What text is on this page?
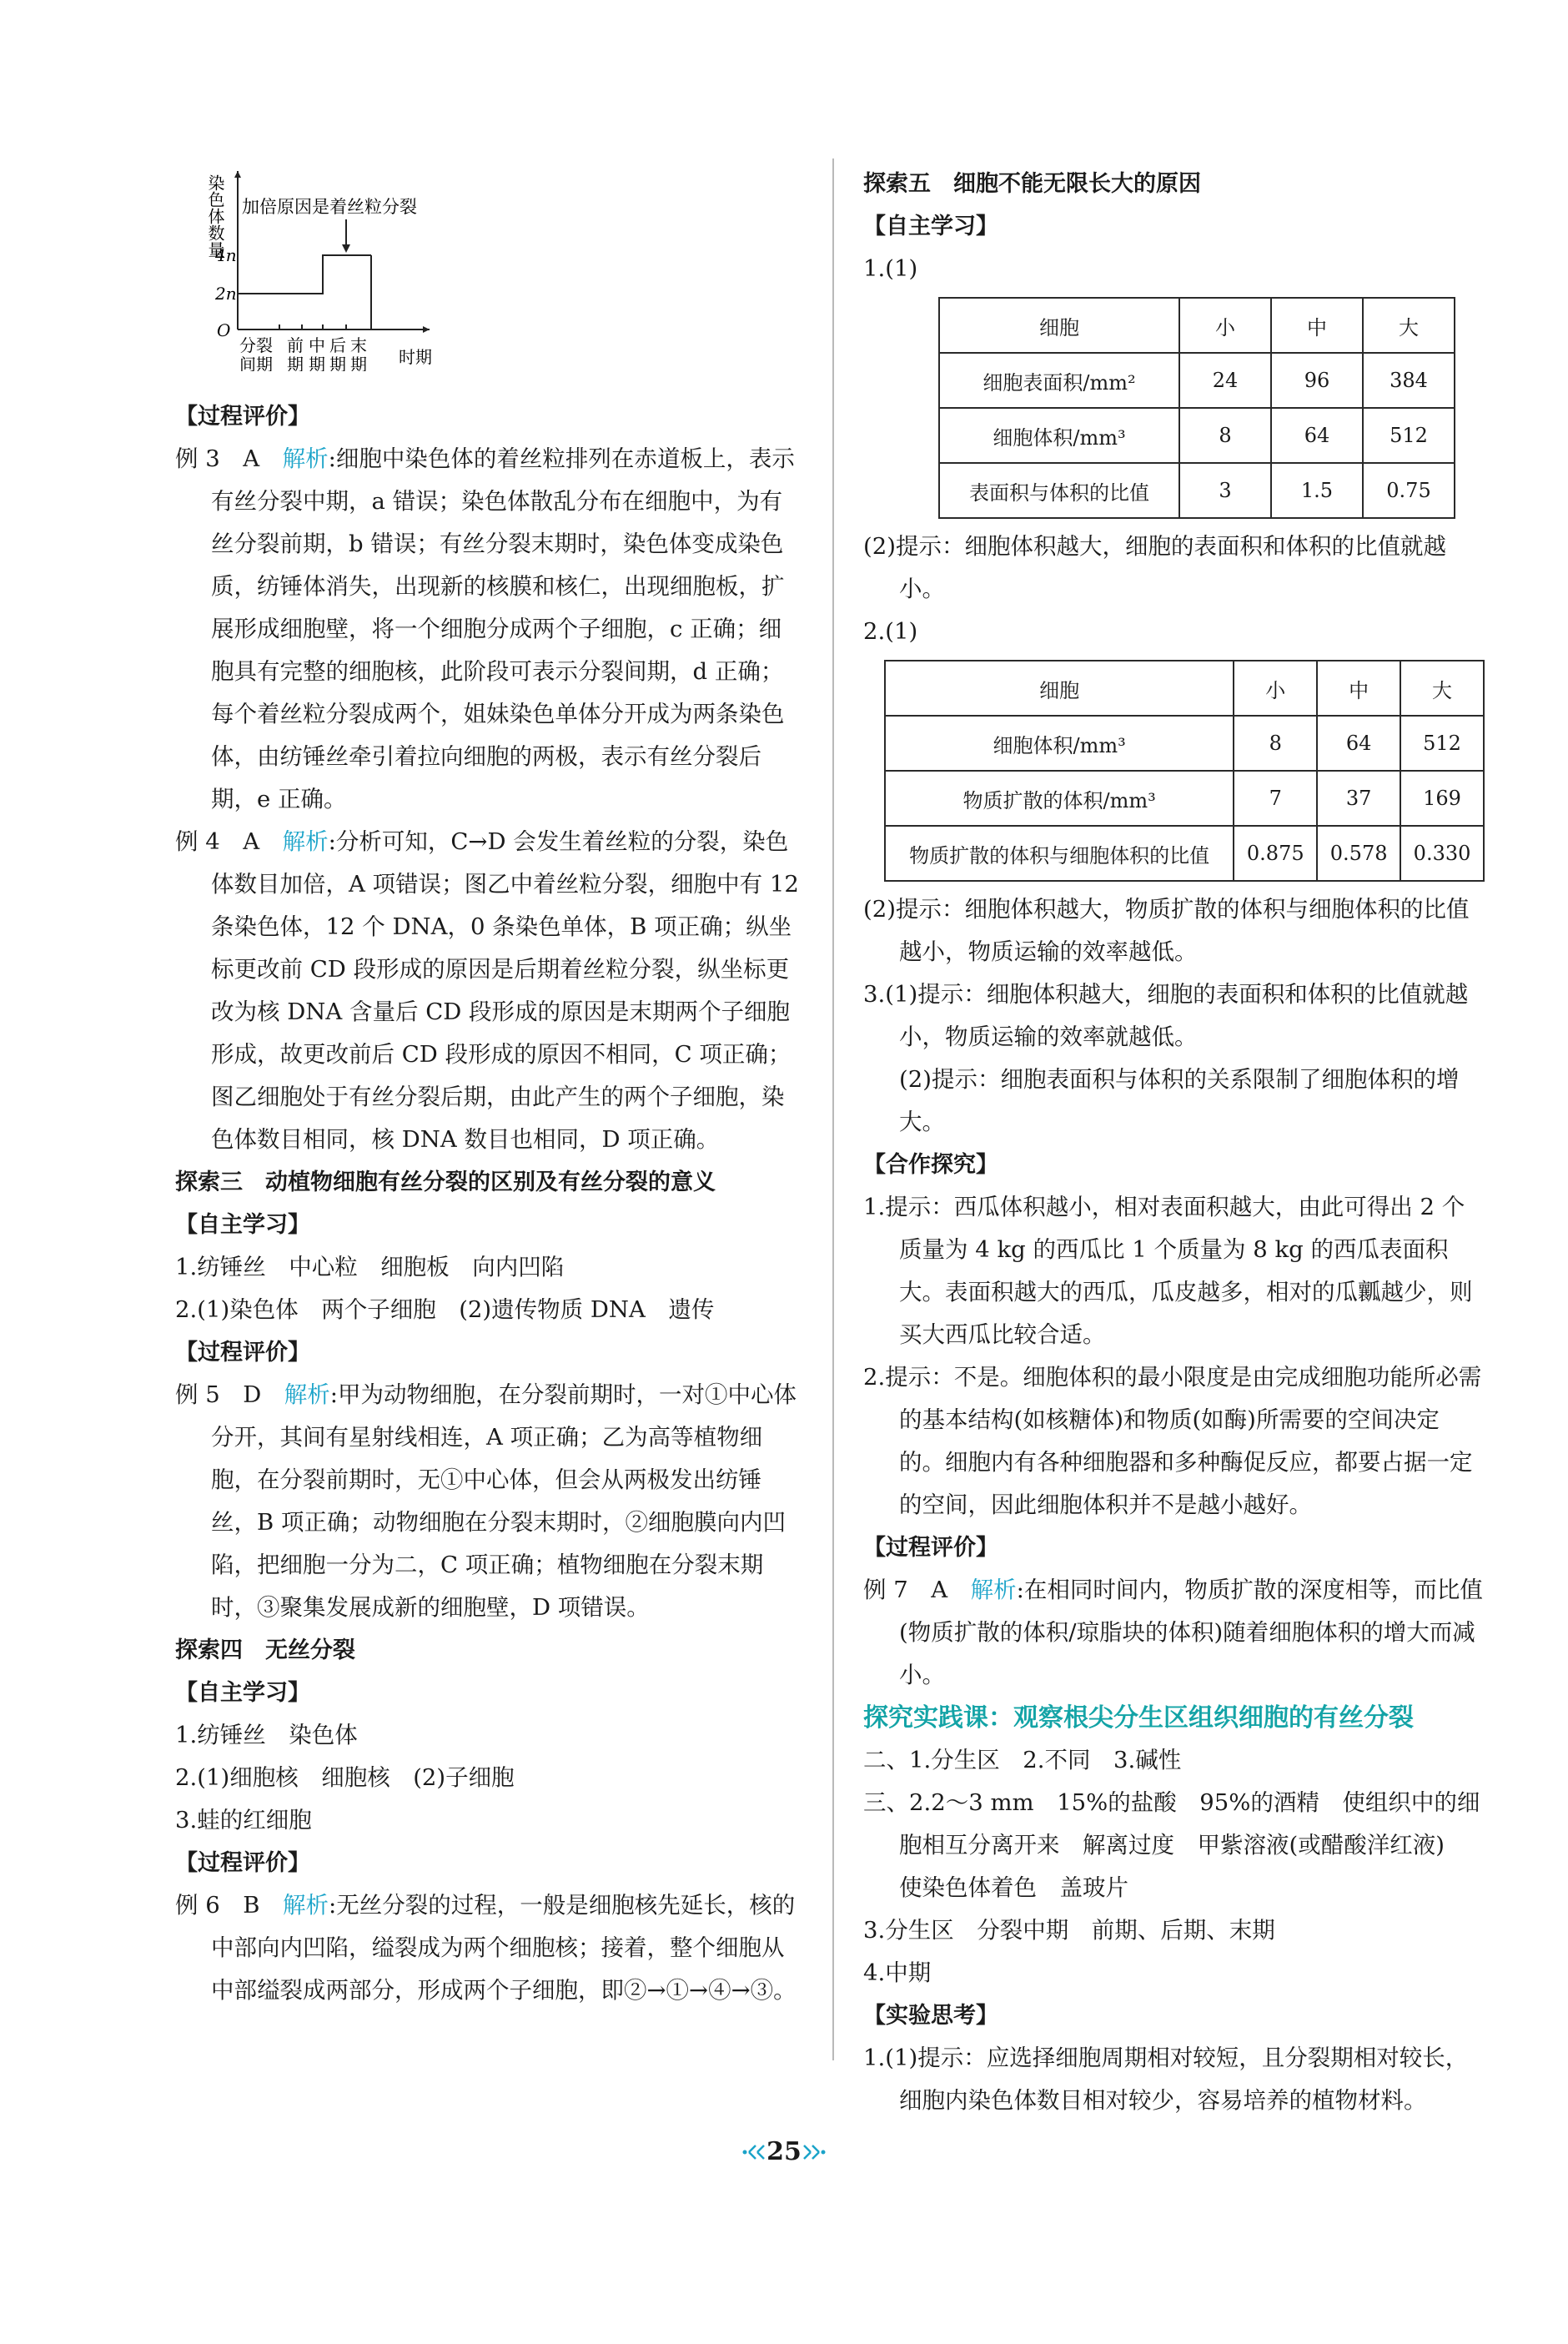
染色体数量
O
2n
4n
分裂
间期
前
期
中
期
后
期
末
期 时期
加倍原因是着丝粒分裂

【过程评价】

例 3　A　解析:细胞中染色体的着丝粒排列在赤道板上，表示有丝分裂中期，a 错误；染色体散乱分布在细胞中，为有丝分裂前期，b 错误；有丝分裂末期时，染色体变成染色质，纺锤体消失，出现新的核膜和核仁，出现细胞板，扩展形成细胞壁，将一个细胞分成两个子细胞，c 正确；细胞具有完整的细胞核，此阶段可表示分裂间期，d 正确；每个着丝粒分裂成两个，姐妹染色单体分开成为两条染色体，由纺锤丝牵引着拉向细胞的两极，表示有丝分裂后期，e 正确。

例 4　A　解析:分析可知，C→D 会发生着丝粒的分裂，染色体数目加倍，A 项错误；图乙中着丝粒分裂，细胞中有 12 条染色体，12 个 DNA，0 条染色单体，B 项正确；纵坐标更改前 CD 段形成的原因是后期着丝粒分裂，纵坐标更改为核 DNA 含量后 CD 段形成的原因是末期两个子细胞形成，故更改前后 CD 段形成的原因不相同，C 项正确；图乙细胞处于有丝分裂后期，由此产生的两个子细胞，染色体数目相同，核 DNA 数目也相同，D 项正确。

探索三　动植物细胞有丝分裂的区别及有丝分裂的意义

【自主学习】

1.纺锤丝　中心粒　细胞板　向内凹陷

2.(1)染色体　两个子细胞　(2)遗传物质 DNA　遗传

【过程评价】

例 5　D　解析:甲为动物细胞，在分裂前期时，一对①中心体分开，其间有星射线相连，A 项正确；乙为高等植物细胞，在分裂前期时，无①中心体，但会从两极发出纺锤丝，B 项正确；动物细胞在分裂末期时，②细胞膜向内凹陷，把细胞一分为二，C 项正确；植物细胞在分裂末期时，③聚集发展成新的细胞壁，D 项错误。

探索四　无丝分裂

【自主学习】

1.纺锤丝　染色体

2.(1)细胞核　细胞核　(2)子细胞

3.蛙的红细胞

【过程评价】

例 6　B　解析:无丝分裂的过程，一般是细胞核先延长，核的中部向内凹陷，缢裂成为两个细胞核；接着，整个细胞从中部缢裂成两部分，形成两个子细胞，即②→①→④→③。

探索五　细胞不能无限长大的原因

【自主学习】

1.(1)

细胞	小	中	大
细胞表面积/mm²	24	96	384
细胞体积/mm³	8	64	512
表面积与体积的比值	3	1.5	0.75

(2)提示：细胞体积越大，细胞的表面积和体积的比值就越小。

2.(1)

细胞	小	中	大
细胞体积/mm³	8	64	512
物质扩散的体积/mm³	7	37	169
物质扩散的体积与细胞体积的比值	0.875	0.578	0.330

(2)提示：细胞体积越大，物质扩散的体积与细胞体积的比值越小，物质运输的效率越低。

3.(1)提示：细胞体积越大，细胞的表面积和体积的比值就越小，物质运输的效率就越低。

(2)提示：细胞表面积与体积的关系限制了细胞体积的增大。

【合作探究】

1.提示：西瓜体积越小，相对表面积越大，由此可得出 2 个质量为 4 kg 的西瓜比 1 个质量为 8 kg 的西瓜表面积大。表面积越大的西瓜，瓜皮越多，相对的瓜瓤越少，则买大西瓜比较合适。

2.提示：不是。细胞体积的最小限度是由完成细胞功能所必需的基本结构(如核糖体)和物质(如酶)所需要的空间决定的。细胞内有各种细胞器和多种酶促反应，都要占据一定的空间，因此细胞体积并不是越小越好。

【过程评价】

例 7　A　解析:在相同时间内，物质扩散的深度相等，而比值(物质扩散的体积/琼脂块的体积)随着细胞体积的增大而减小。

探究实践课：观察根尖分生区组织细胞的有丝分裂

二、1.分生区　2.不同　3.碱性

三、2.2～3 mm　15%的盐酸　95%的酒精　使组织中的细胞相互分离开来　解离过度　甲紫溶液(或醋酸洋红液)　使染色体着色　盖玻片

3.分生区　分裂中期　前期、后期、末期

4.中期

【实验思考】

1.(1)提示：应选择细胞周期相对较短，且分裂期相对较长，细胞内染色体数目相对较少，容易培养的植物材料。

25
